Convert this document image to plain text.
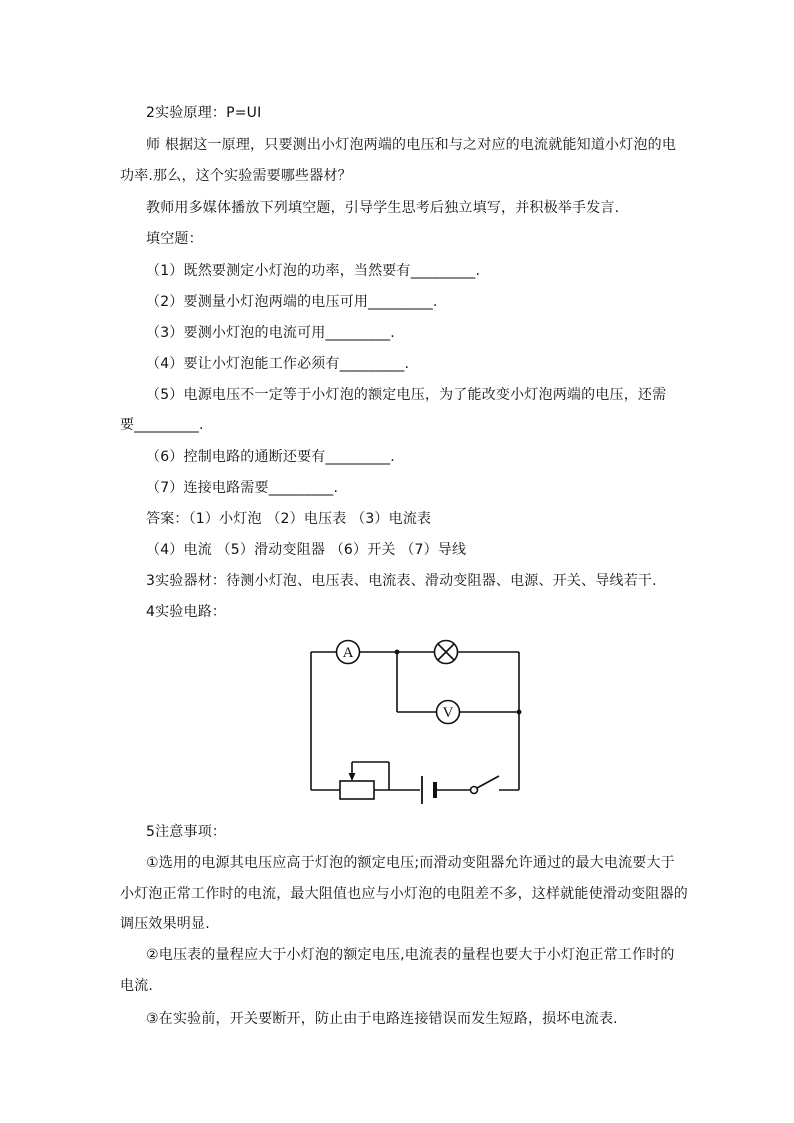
2实验原理：P=UI
师 根据这一原理，只要测出小灯泡两端的电压和与之对应的电流就能知道小灯泡的电
功率.那么，这个实验需要哪些器材？
教师用多媒体播放下列填空题，引导学生思考后独立填写，并积极举手发言.
填空题：
（1）既然要测定小灯泡的功率，当然要有_________.
（2）要测量小灯泡两端的电压可用_________.
（3）要测小灯泡的电流可用_________.
（4）要让小灯泡能工作必须有_________.
（5）电源电压不一定等于小灯泡的额定电压，为了能改变小灯泡两端的电压，还需
要_________.
（6）控制电路的通断还要有_________.
（7）连接电路需要_________.
答案：（1）小灯泡 （2）电压表 （3）电流表
（4）电流 （5）滑动变阻器 （6）开关 （7）导线
3实验器材：待测小灯泡、电压表、电流表、滑动变阻器、电源、开关、导线若干.
4实验电路：
A
V
5注意事项：
①选用的电源其电压应高于灯泡的额定电压;而滑动变阻器允许通过的最大电流要大于
小灯泡正常工作时的电流，最大阻值也应与小灯泡的电阻差不多，这样就能使滑动变阻器的
调压效果明显.
②电压表的量程应大于小灯泡的额定电压,电流表的量程也要大于小灯泡正常工作时的
电流.
③在实验前，开关要断开，防止由于电路连接错误而发生短路，损坏电流表.
